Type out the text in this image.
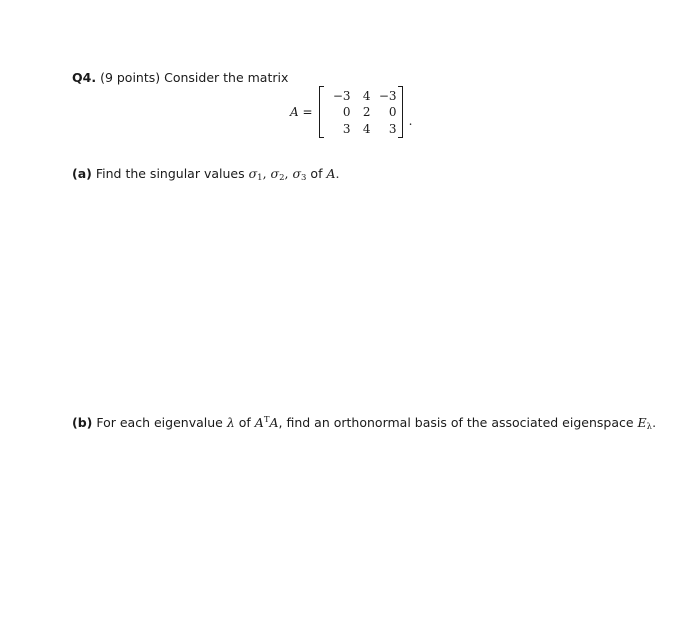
Q4. (9 points) Consider the matrix
A =
−3	4 −3
0	2	0
3	4	3
.
(a) Find the singular values $\sigma_1$, $\sigma_2$, $\sigma_3$ of A.
(b) For each eigenvalue λ of $A^TA$, find an orthonormal basis of the associated eigenspace $E_\lambda$.
